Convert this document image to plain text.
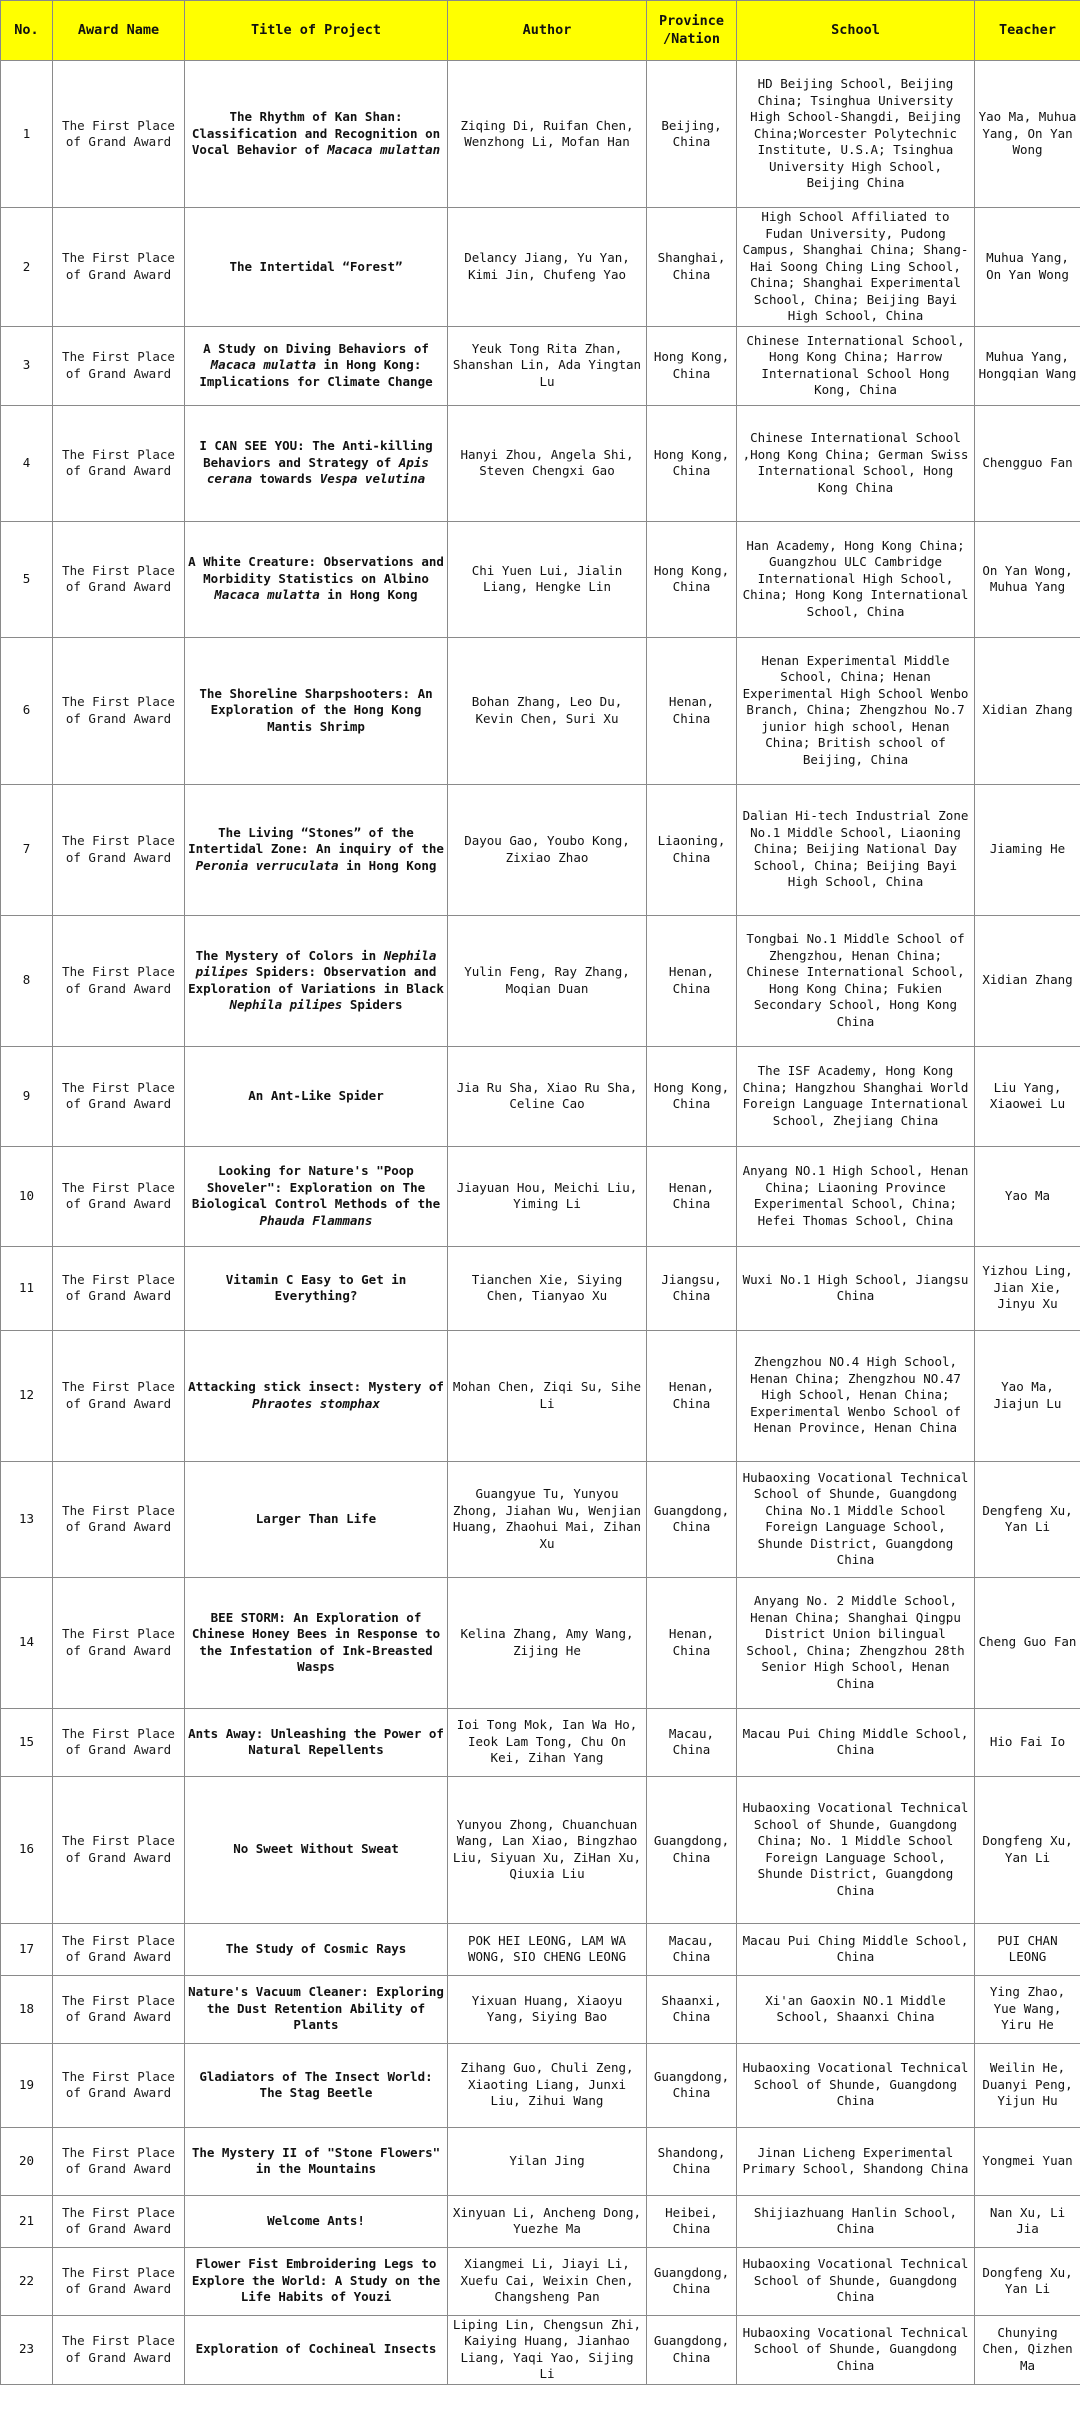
No.	Award Name	Title of Project	Author	Province /Nation	School	Teacher
1	The First Place of Grand Award	The Rhythm of Kan Shan: Classification and Recognition on Vocal Behavior of Macaca mulattan	Ziqing Di, Ruifan Chen, Wenzhong Li, Mofan Han	Beijing, China	HD Beijing School, Beijing China; Tsinghua University High School-Shangdi, Beijing China;Worcester Polytechnic Institute, U.S.A; Tsinghua University High School, Beijing China	Yao Ma, Muhua Yang, On Yan Wong
2	The First Place of Grand Award	The Intertidal “Forest”	Delancy Jiang, Yu Yan, Kimi Jin, Chufeng Yao	Shanghai, China	High School Affiliated to Fudan University, Pudong Campus, Shanghai China; Shang-Hai Soong Ching Ling School, China; Shanghai Experimental School, China; Beijing Bayi High School, China	Muhua Yang, On Yan Wong
3	The First Place of Grand Award	A Study on Diving Behaviors of Macaca mulatta in Hong Kong: Implications for Climate Change	Yeuk Tong Rita Zhan, Shanshan Lin, Ada Yingtan Lu	Hong Kong, China	Chinese International School, Hong Kong China; Harrow International School Hong Kong, China	Muhua Yang, Hongqian Wang
4	The First Place of Grand Award	I CAN SEE YOU: The Anti-killing Behaviors and Strategy of Apis cerana towards Vespa velutina	Hanyi Zhou, Angela Shi, Steven Chengxi Gao	Hong Kong, China	Chinese International School ,Hong Kong China; German Swiss International School, Hong Kong China	Chengguo Fan
5	The First Place of Grand Award	A White Creature: Observations and Morbidity Statistics on Albino Macaca mulatta in Hong Kong	Chi Yuen Lui, Jialin Liang, Hengke Lin	Hong Kong, China	Han Academy, Hong Kong China; Guangzhou ULC Cambridge International High School, China; Hong Kong International School, China	On Yan Wong, Muhua Yang
6	The First Place of Grand Award	The Shoreline Sharpshooters: An Exploration of the Hong Kong Mantis Shrimp	Bohan Zhang, Leo Du, Kevin Chen, Suri Xu	Henan, China	Henan Experimental Middle School, China; Henan Experimental High School Wenbo Branch, China; Zhengzhou No.7 junior high school, Henan China; British school of Beijing, China	Xidian Zhang
7	The First Place of Grand Award	The Living “Stones” of the Intertidal Zone: An inquiry of the Peronia verruculata in Hong Kong	Dayou Gao, Youbo Kong, Zixiao Zhao	Liaoning, China	Dalian Hi-tech Industrial Zone No.1 Middle School, Liaoning China; Beijing National Day School, China; Beijing Bayi High School, China	Jiaming He
8	The First Place of Grand Award	The Mystery of Colors in Nephila pilipes Spiders: Observation and Exploration of Variations in Black Nephila pilipes Spiders	Yulin Feng, Ray Zhang, Moqian Duan	Henan, China	Tongbai No.1 Middle School of Zhengzhou, Henan China; Chinese International School, Hong Kong China; Fukien Secondary School, Hong Kong China	Xidian Zhang
9	The First Place of Grand Award	An Ant-Like Spider	Jia Ru Sha, Xiao Ru Sha, Celine Cao	Hong Kong, China	The ISF Academy, Hong Kong China; Hangzhou Shanghai World Foreign Language International School, Zhejiang China	Liu Yang, Xiaowei Lu
10	The First Place of Grand Award	Looking for Nature's "Poop Shoveler": Exploration on The Biological Control Methods of the Phauda Flammans	Jiayuan Hou, Meichi Liu, Yiming Li	Henan, China	Anyang NO.1 High School, Henan China; Liaoning Province Experimental School, China; Hefei Thomas School, China	Yao Ma
11	The First Place of Grand Award	Vitamin C Easy to Get in Everything?	Tianchen Xie, Siying Chen, Tianyao Xu	Jiangsu, China	Wuxi No.1 High School, Jiangsu China	Yizhou Ling, Jian Xie, Jinyu Xu
12	The First Place of Grand Award	Attacking stick insect: Mystery of Phraotes stomphax	Mohan Chen, Ziqi Su, Sihe Li	Henan, China	Zhengzhou NO.4 High School, Henan China; Zhengzhou NO.47 High School, Henan China; Experimental Wenbo School of Henan Province, Henan China	Yao Ma, Jiajun Lu
13	The First Place of Grand Award	Larger Than Life	Guangyue Tu, Yunyou Zhong, Jiahan Wu, Wenjian Huang, Zhaohui Mai, Zihan Xu	Guangdong, China	Hubaoxing Vocational Technical School of Shunde, Guangdong China No.1 Middle School Foreign Language School, Shunde District, Guangdong China	Dengfeng Xu, Yan Li
14	The First Place of Grand Award	BEE STORM: An Exploration of Chinese Honey Bees in Response to the Infestation of Ink-Breasted Wasps	Kelina Zhang, Amy Wang, Zijing He	Henan, China	Anyang No. 2 Middle School, Henan China; Shanghai Qingpu District Union bilingual School, China; Zhengzhou 28th Senior High School, Henan China	Cheng Guo Fan
15	The First Place of Grand Award	Ants Away: Unleashing the Power of Natural Repellents	Ioi Tong Mok, Ian Wa Ho, Ieok Lam Tong, Chu On Kei, Zihan Yang	Macau, China	Macau Pui Ching Middle School, China	Hio Fai Io
16	The First Place of Grand Award	No Sweet Without Sweat	Yunyou Zhong, Chuanchuan Wang, Lan Xiao, Bingzhao Liu, Siyuan Xu, ZiHan Xu, Qiuxia Liu	Guangdong, China	Hubaoxing Vocational Technical School of Shunde, Guangdong China; No. 1 Middle School Foreign Language School, Shunde District, Guangdong China	Dongfeng Xu, Yan Li
17	The First Place of Grand Award	The Study of Cosmic Rays	POK HEI LEONG, LAM WA WONG, SIO CHENG LEONG	Macau, China	Macau Pui Ching Middle School, China	PUI CHAN LEONG
18	The First Place of Grand Award	Nature's Vacuum Cleaner: Exploring the Dust Retention Ability of Plants	Yixuan Huang, Xiaoyu Yang, Siying Bao	Shaanxi, China	Xi'an Gaoxin NO.1 Middle School, Shaanxi China	Ying Zhao, Yue Wang, Yiru He
19	The First Place of Grand Award	Gladiators of The Insect World: The Stag Beetle	Zihang Guo, Chuli Zeng, Xiaoting Liang, Junxi Liu, Zihui Wang	Guangdong, China	Hubaoxing Vocational Technical School of Shunde, Guangdong China	Weilin He, Duanyi Peng, Yijun Hu
20	The First Place of Grand Award	The Mystery II of "Stone Flowers" in the Mountains	Yilan Jing	Shandong, China	Jinan Licheng Experimental Primary School, Shandong China	Yongmei Yuan
21	The First Place of Grand Award	Welcome Ants!	Xinyuan Li, Ancheng Dong, Yuezhe Ma	Heibei, China	Shijiazhuang Hanlin School, China	Nan Xu, Li Jia
22	The First Place of Grand Award	Flower Fist Embroidering Legs to Explore the World: A Study on the Life Habits of Youzi	Xiangmei Li, Jiayi Li, Xuefu Cai, Weixin Chen, Changsheng Pan	Guangdong, China	Hubaoxing Vocational Technical School of Shunde, Guangdong China	Dongfeng Xu, Yan Li
23	The First Place of Grand Award	Exploration of Cochineal Insects	Liping Lin, Chengsun Zhi, Kaiying Huang, Jianhao Liang, Yaqi Yao, Sijing Li	Guangdong, China	Hubaoxing Vocational Technical School of Shunde, Guangdong China	Chunying Chen, Qizhen Ma
